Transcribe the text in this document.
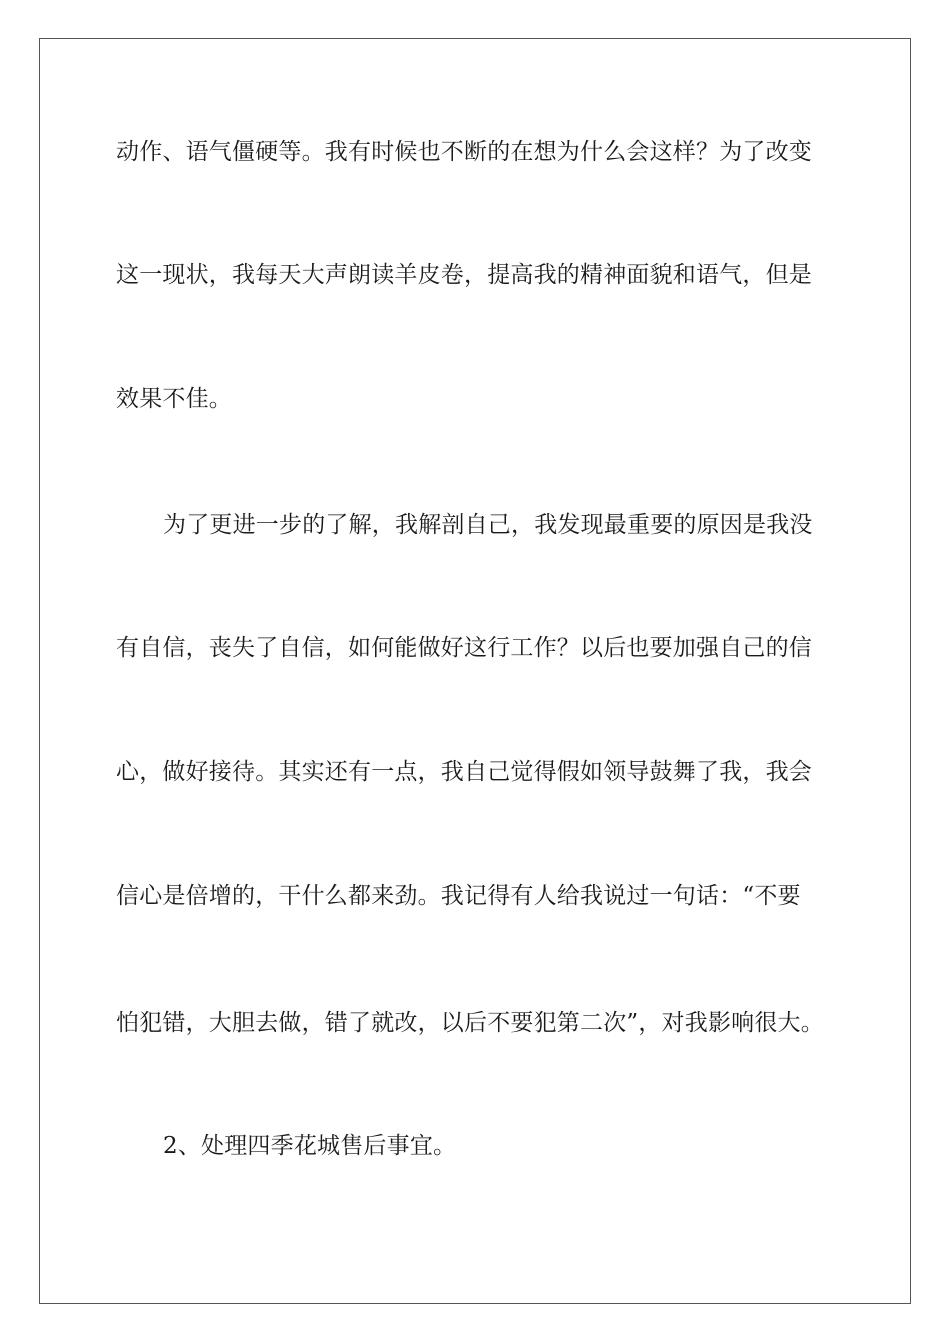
动作、语气僵硬等。我有时候也不断的在想为什么会这样？为了改变
这一现状，我每天大声朗读羊皮卷，提高我的精神面貌和语气，但是
效果不佳。
为了更进一步的了解，我解剖自己，我发现最重要的原因是我没
有自信，丧失了自信，如何能做好这行工作？以后也要加强自己的信
心，做好接待。其实还有一点，我自己觉得假如领导鼓舞了我，我会
信心是倍增的，干什么都来劲。我记得有人给我说过一句话：“不要
怕犯错，大胆去做，错了就改，以后不要犯第二次”，对我影响很大。
2、处理四季花城售后事宜。
